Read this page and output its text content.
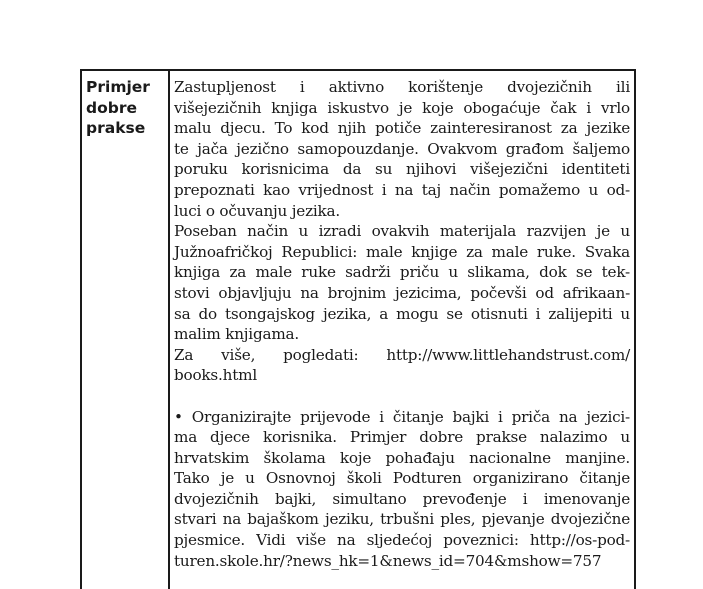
Primjer
dobre
prakse
Zastupljenost i aktivno korištenje dvojezičnih ili
višejezičnih knjiga iskustvo je koje obogaćuje čak i vrlo
malu djecu. To kod njih potiče zainteresiranost za jezike
te jača jezično samopouzdanje. Ovakvom građom šaljemo
poruku korisnicima da su njihovi višejezični identiteti
prepoznati kao vrijednost i na taj način pomažemo u od-
luci o očuvanju jezika.
Poseban način u izradi ovakvih materijala razvijen je u
Južnoafričkoj Republici: male knjige za male ruke. Svaka
knjiga za male ruke sadrži priču u slikama, dok se tek-
stovi objavljuju na brojnim jezicima, počevši od afrikaan-
sa do tsongajskog jezika, a mogu se otisnuti i zalijepiti u
malim knjigama.
Za više, pogledati: http://www.littlehandstrust.com/
books.html
• Organizirajte prijevode i čitanje bajki i priča na jezici-
ma djece korisnika. Primjer dobre prakse nalazimo u
hrvatskim školama koje pohađaju nacionalne manjine.
Tako je u Osnovnoj školi Podturen organizirano čitanje
dvojezičnih bajki, simultano prevođenje i imenovanje
stvari na bajaškom jeziku, trbušni ples, pjevanje dvojezične
pjesmice. Vidi više na sljedećoj poveznici: http://os-pod-
turen.skole.hr/?news_hk=1&news_id=704&mshow=757
